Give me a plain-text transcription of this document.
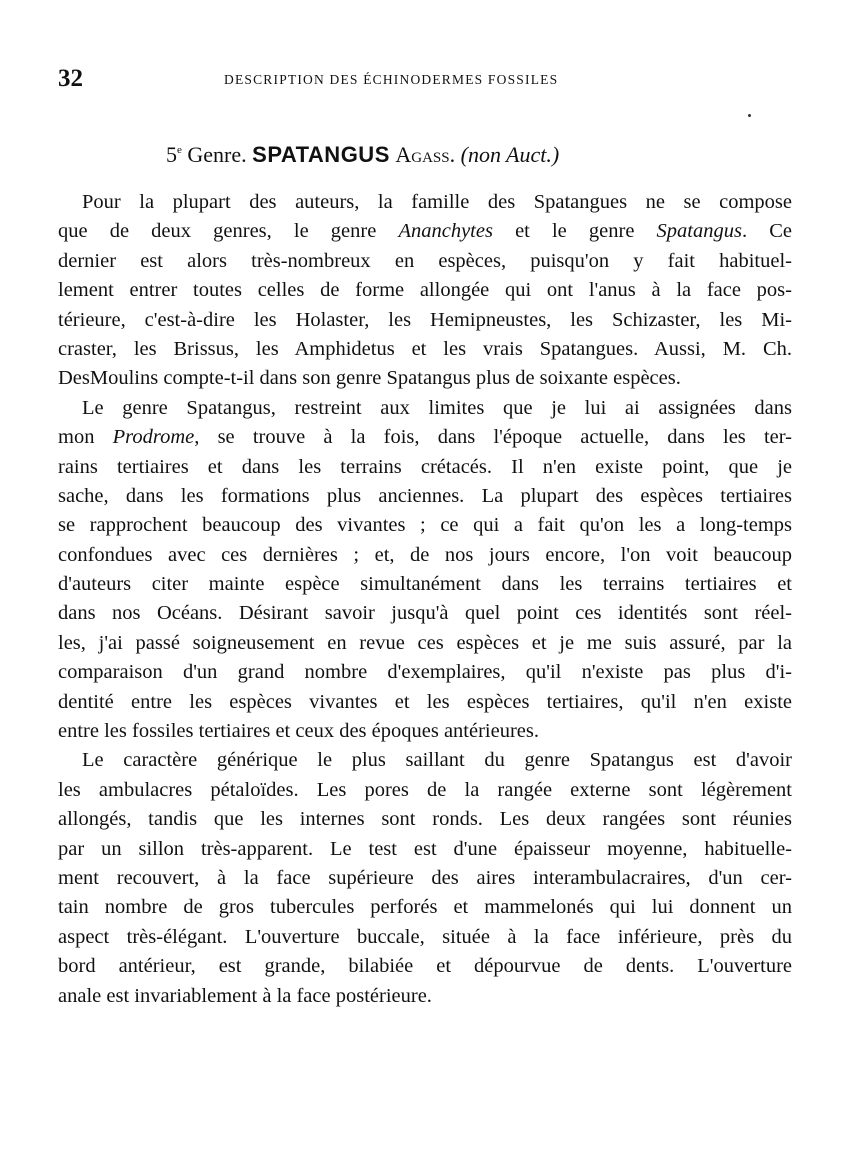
32	DESCRIPTION DES ÉCHINODERMES FOSSILES
5e Genre. SPATANGUS Agass. (non Auct.)
Pour la plupart des auteurs, la famille des Spatangues ne se compose
que de deux genres, le genre Ananchytes et le genre Spatangus. Ce
dernier est alors très-nombreux en espèces, puisqu'on y fait habituel-
lement entrer toutes celles de forme allongée qui ont l'anus à la face pos-
térieure, c'est-à-dire les Holaster, les Hemipneustes, les Schizaster, les Mi-
craster, les Brissus, les Amphidetus et les vrais Spatangues. Aussi, M. Ch.
DesMoulins compte-t-il dans son genre Spatangus plus de soixante espèces.
Le genre Spatangus, restreint aux limites que je lui ai assignées dans
mon Prodrome, se trouve à la fois, dans l'époque actuelle, dans les ter-
rains tertiaires et dans les terrains crétacés. Il n'en existe point, que je
sache, dans les formations plus anciennes. La plupart des espèces tertiaires
se rapprochent beaucoup des vivantes ; ce qui a fait qu'on les a long-temps
confondues avec ces dernières ; et, de nos jours encore, l'on voit beaucoup
d'auteurs citer mainte espèce simultanément dans les terrains tertiaires et
dans nos Océans. Désirant savoir jusqu'à quel point ces identités sont réel-
les, j'ai passé soigneusement en revue ces espèces et je me suis assuré, par la
comparaison d'un grand nombre d'exemplaires, qu'il n'existe pas plus d'i-
dentité entre les espèces vivantes et les espèces tertiaires, qu'il n'en existe
entre les fossiles tertiaires et ceux des époques antérieures.
Le caractère générique le plus saillant du genre Spatangus est d'avoir
les ambulacres pétaloïdes. Les pores de la rangée externe sont légèrement
allongés, tandis que les internes sont ronds. Les deux rangées sont réunies
par un sillon très-apparent. Le test est d'une épaisseur moyenne, habituelle-
ment recouvert, à la face supérieure des aires interambulacraires, d'un cer-
tain nombre de gros tubercules perforés et mammelonés qui lui donnent un
aspect très-élégant. L'ouverture buccale, située à la face inférieure, près du
bord antérieur, est grande, bilabiée et dépourvue de dents. L'ouverture
anale est invariablement à la face postérieure.
